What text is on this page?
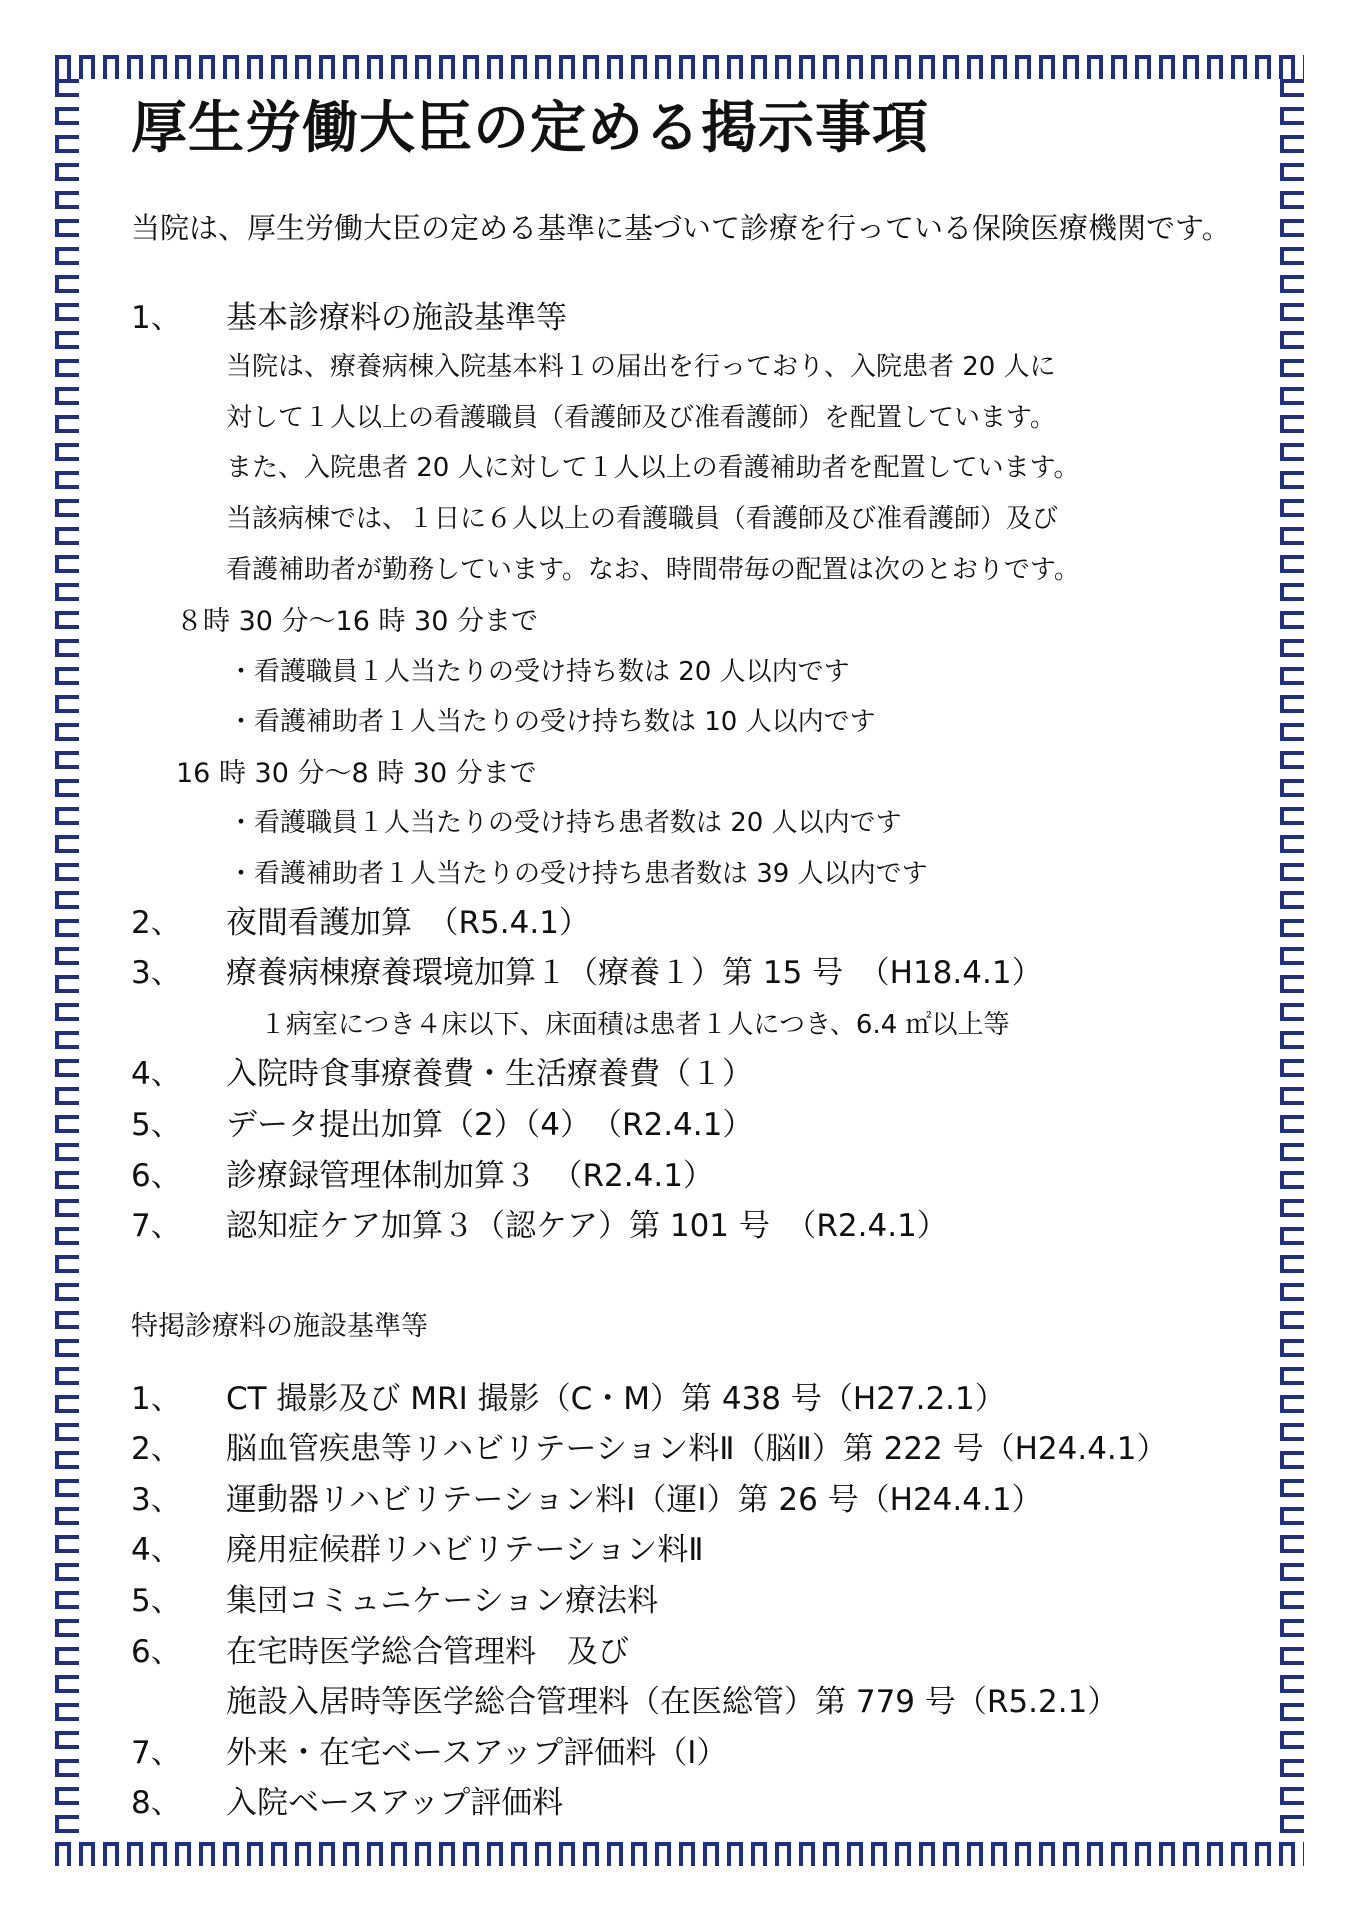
厚生労働大臣の定める掲示事項
当院は、厚生労働大臣の定める基準に基づいて診療を行っている保険医療機関です。
1、 基本診療料の施設基準等
当院は、療養病棟入院基本料１の届出を行っており、入院患者 20 人に
対して１人以上の看護職員（看護師及び准看護師）を配置しています。
また、入院患者 20 人に対して１人以上の看護補助者を配置しています。
当該病棟では、１日に６人以上の看護職員（看護師及び准看護師）及び
看護補助者が勤務しています。なお、時間帯毎の配置は次のとおりです。
８時 30 分～16 時 30 分まで
・看護職員１人当たりの受け持ち数は 20 人以内です
・看護補助者１人当たりの受け持ち数は 10 人以内です
16 時 30 分～8 時 30 分まで
・看護職員１人当たりの受け持ち患者数は 20 人以内です
・看護補助者１人当たりの受け持ち患者数は 39 人以内です
2、 夜間看護加算　（R5.4.1）
3、 療養病棟療養環境加算１（療養１）第 15 号　（H18.4.1）
１病室につき４床以下、床面積は患者１人につき、6.4 ㎡以上等
4、 入院時食事療養費・生活療養費（１）
5、 データ提出加算（2）（4）　（R2.4.1）
6、 診療録管理体制加算３　（R2.4.1）
7、 認知症ケア加算３（認ケア）第 101 号　（R2.4.1）
特掲診療料の施設基準等
1、 CT 撮影及び MRI 撮影（C・M）第 438 号（H27.2.1）
2、 脳血管疾患等リハビリテーション料Ⅱ（脳Ⅱ）第 222 号（H24.4.1）
3、 運動器リハビリテーション料Ⅰ（運Ⅰ）第 26 号（H24.4.1）
4、 廃用症候群リハビリテーション料Ⅱ
5、 集団コミュニケーション療法料
6、 在宅時医学総合管理料　及び
施設入居時等医学総合管理料（在医総管）第 779 号（R5.2.1）
7、 外来・在宅ベースアップ評価料（Ⅰ）
8、 入院ベースアップ評価料
